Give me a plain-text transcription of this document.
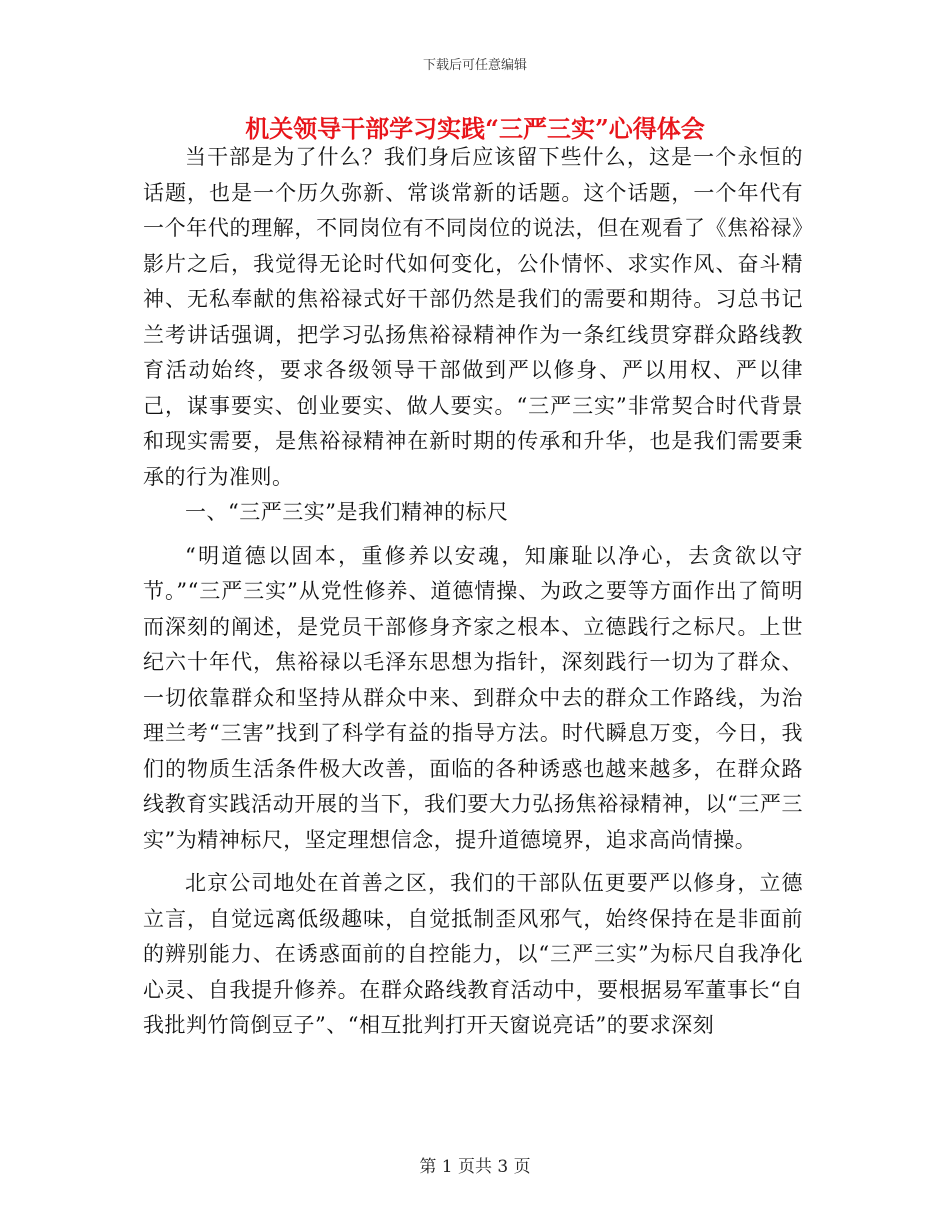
下载后可任意编辑
机关领导干部学习实践“三严三实”心得体会

当干部是为了什么？我们身后应该留下些什么，这是一个永恒的话题，也是一个历久弥新、常谈常新的话题。这个话题，一个年代有一个年代的理解，不同岗位有不同岗位的说法，但在观看了《焦裕禄》影片之后，我觉得无论时代如何变化，公仆情怀、求实作风、奋斗精神、无私奉献的焦裕禄式好干部仍然是我们的需要和期待。习总书记兰考讲话强调，把学习弘扬焦裕禄精神作为一条红线贯穿群众路线教育活动始终，要求各级领导干部做到严以修身、严以用权、严以律己，谋事要实、创业要实、做人要实。“三严三实”非常契合时代背景和现实需要，是焦裕禄精神在新时期的传承和升华，也是我们需要秉承的行为准则。

一、“三严三实”是我们精神的标尺

“明道德以固本，重修养以安魂，知廉耻以净心，去贪欲以守节。”“三严三实”从党性修养、道德情操、为政之要等方面作出了简明而深刻的阐述，是党员干部修身齐家之根本、立德践行之标尺。上世纪六十年代，焦裕禄以毛泽东思想为指针，深刻践行一切为了群众、一切依靠群众和坚持从群众中来、到群众中去的群众工作路线，为治理兰考“三害”找到了科学有益的指导方法。时代瞬息万变，今日，我们的物质生活条件极大改善，面临的各种诱惑也越来越多，在群众路线教育实践活动开展的当下，我们要大力弘扬焦裕禄精神，以“三严三实”为精神标尺，坚定理想信念，提升道德境界，追求高尚情操。

北京公司地处在首善之区，我们的干部队伍更要严以修身，立德立言，自觉远离低级趣味，自觉抵制歪风邪气，始终保持在是非面前的辨别能力、在诱惑面前的自控能力，以“三严三实”为标尺自我净化心灵、自我提升修养。在群众路线教育活动中，要根据易军董事长“自我批判竹筒倒豆子”、“相互批判打开天窗说亮话”的要求深刻

第 1 页共 3 页
